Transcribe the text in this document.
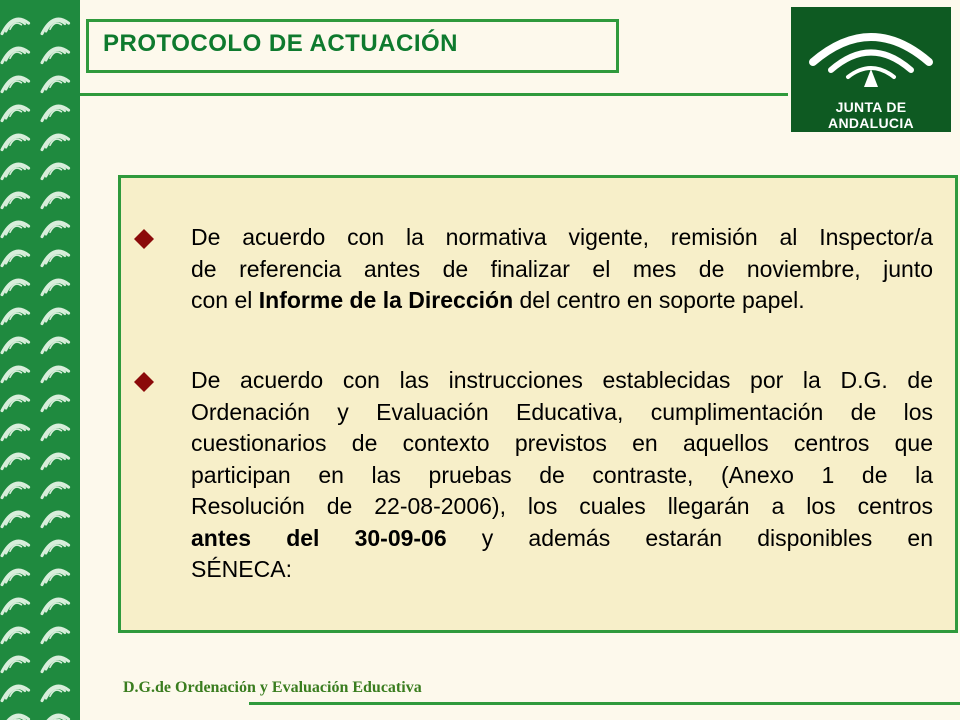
PROTOCOLO DE ACTUACIÓN
JUNTA DE ANDALUCIA
De acuerdo con la normativa vigente, remisión al Inspector/a
de referencia antes de finalizar el mes de noviembre, junto
con el Informe de la Dirección del centro en soporte papel.
De acuerdo con las instrucciones establecidas por la D.G. de
Ordenación y Evaluación Educativa, cumplimentación de los
cuestionarios de contexto previstos en aquellos centros que
participan en las pruebas de contraste, (Anexo 1 de la
Resolución de 22-08-2006), los cuales llegarán a los centros
antes del 30-09-06 y además estarán disponibles en
SÉNECA:
D.G.de Ordenación y Evaluación Educativa
